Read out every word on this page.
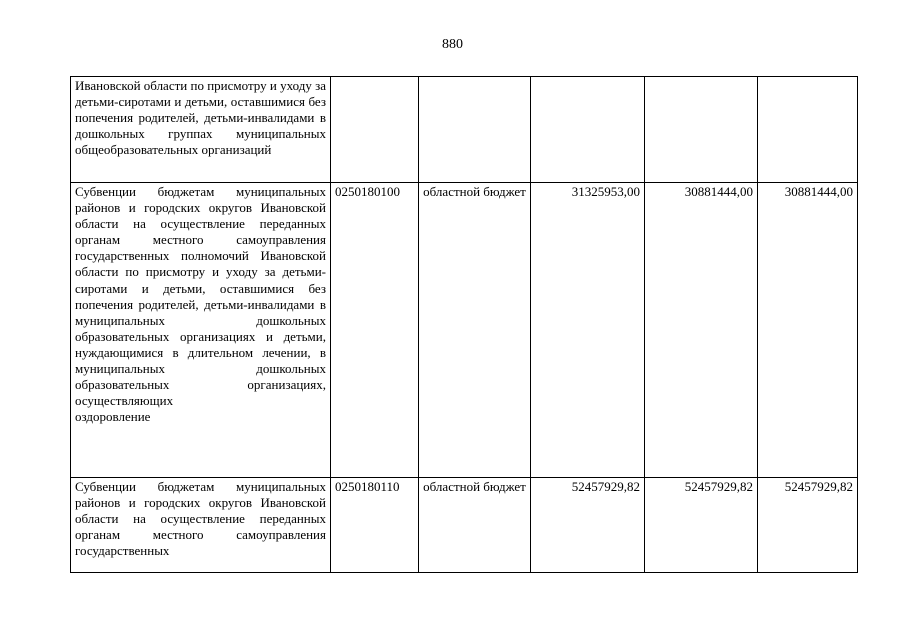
880
Ивановской области по присмотру и уходу за детьми-сиротами и детьми, оставшимися без попечения родителей, детьми-инвалидами в дошкольных группах муниципальных
общеобразовательных организаций					

Субвенции бюджетам муниципальных районов и городских округов Ивановской области на осуществление переданных органам местного самоуправления государственных полномочий Ивановской области по присмотру и уходу за детьми-сиротами и детьми, оставшимися без попечения родителей, детьми-инвалидами в муниципальных дошкольных образовательных организациях и детьми, нуждающимися в длительном лечении, в муниципальных дошкольных образовательных организациях, осуществляющих
оздоровление	0250180100	областной бюджет	31325953,00	30881444,00	30881444,00
Субвенции бюджетам муниципальных районов и городских округов Ивановской области на осуществление переданных органам местного самоуправления государственных	0250180110	областной бюджет	52457929,82	52457929,82	52457929,82
